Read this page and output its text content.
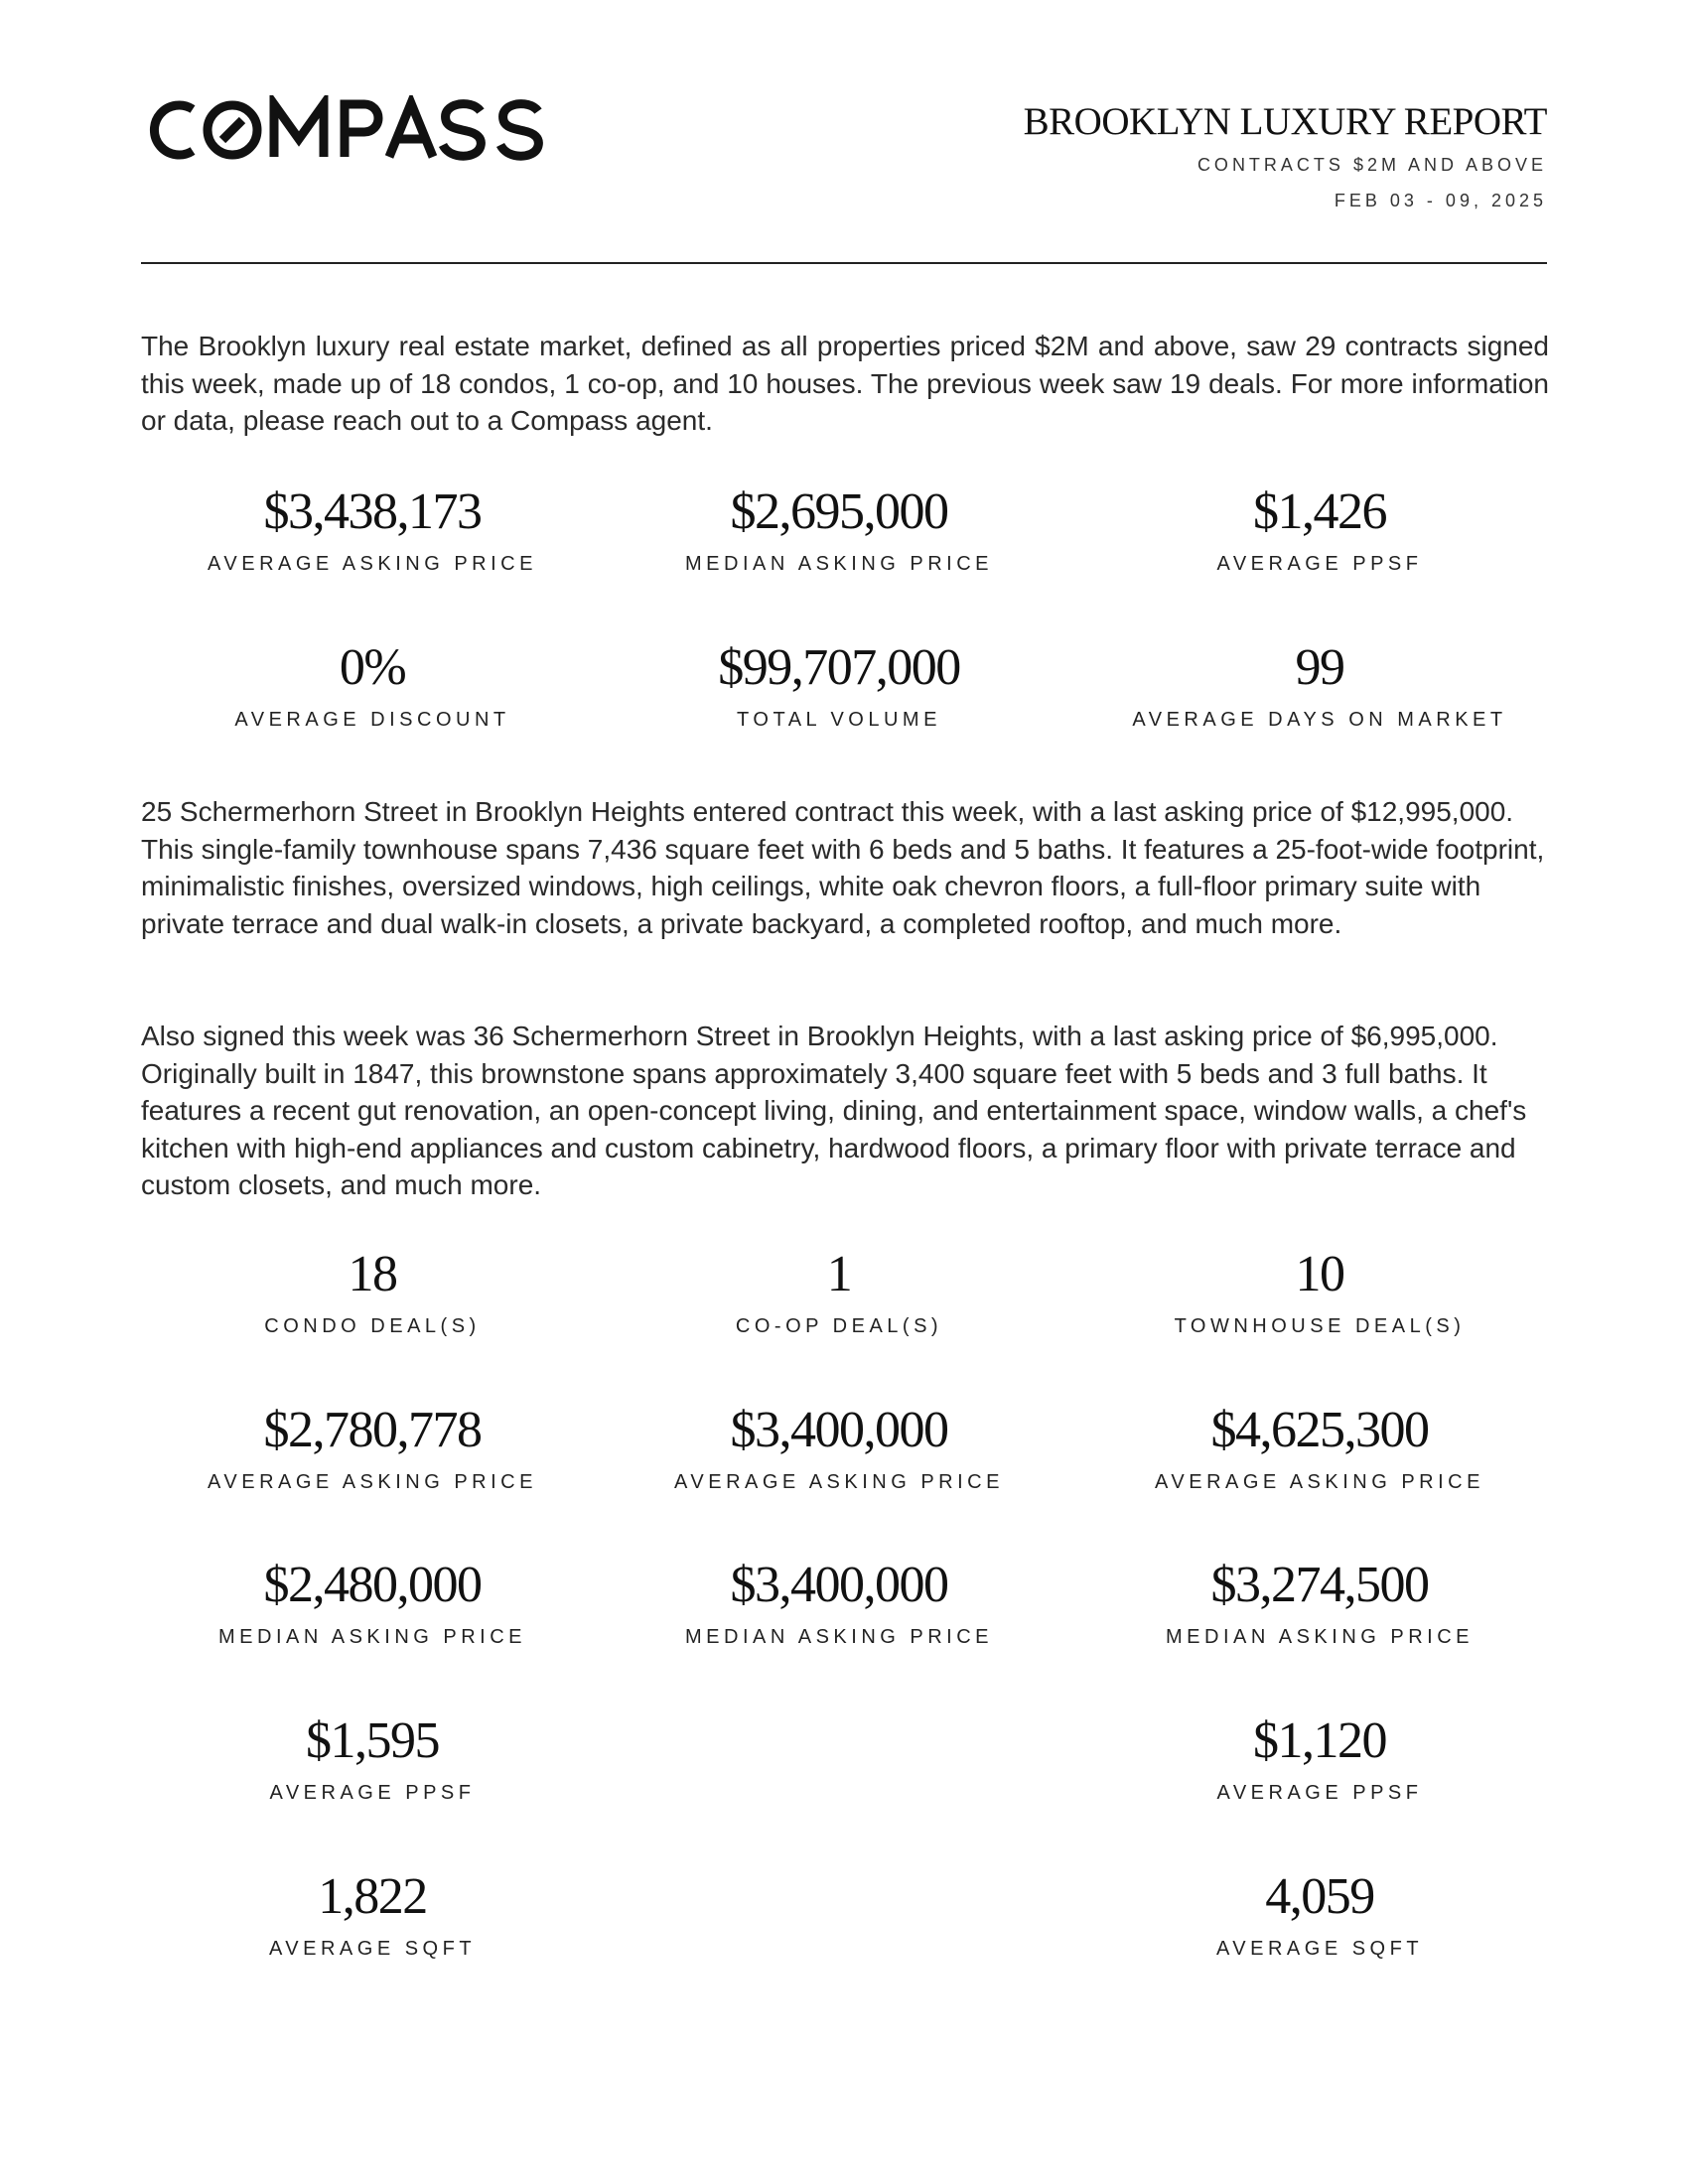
BROOKLYN LUXURY REPORT
CONTRACTS $2M AND ABOVE
FEB 03 - 09, 2025
The Brooklyn luxury real estate market, defined as all properties priced $2M and above, saw 29 contracts signed this week, made up of 18 condos, 1 co-op, and 10 houses. The previous week saw 19 deals. For more information or data, please reach out to a Compass agent.
$3,438,173
AVERAGE ASKING PRICE
$2,695,000
MEDIAN ASKING PRICE
$1,426
AVERAGE PPSF
0%
AVERAGE DISCOUNT
$99,707,000
TOTAL VOLUME
99
AVERAGE DAYS ON MARKET
25 Schermerhorn Street in Brooklyn Heights entered contract this week, with a last asking price of $12,995,000. This single-family townhouse spans 7,436 square feet with 6 beds and 5 baths. It features a 25-foot-wide footprint, minimalistic finishes, oversized windows, high ceilings, white oak chevron floors, a full-floor primary suite with private terrace and dual walk-in closets, a private backyard, a completed rooftop, and much more.
Also signed this week was 36 Schermerhorn Street in Brooklyn Heights, with a last asking price of $6,995,000. Originally built in 1847, this brownstone spans approximately 3,400 square feet with 5 beds and 3 full baths. It features a recent gut renovation, an open-concept living, dining, and entertainment space, window walls, a chef's kitchen with high-end appliances and custom cabinetry, hardwood floors, a primary floor with private terrace and custom closets, and much more.
18
CONDO DEAL(S)
$2,780,778
AVERAGE ASKING PRICE
$2,480,000
MEDIAN ASKING PRICE
$1,595
AVERAGE PPSF
1,822
AVERAGE SQFT
1
CO-OP DEAL(S)
$3,400,000
AVERAGE ASKING PRICE
$3,400,000
MEDIAN ASKING PRICE
10
TOWNHOUSE DEAL(S)
$4,625,300
AVERAGE ASKING PRICE
$3,274,500
MEDIAN ASKING PRICE
$1,120
AVERAGE PPSF
4,059
AVERAGE SQFT
